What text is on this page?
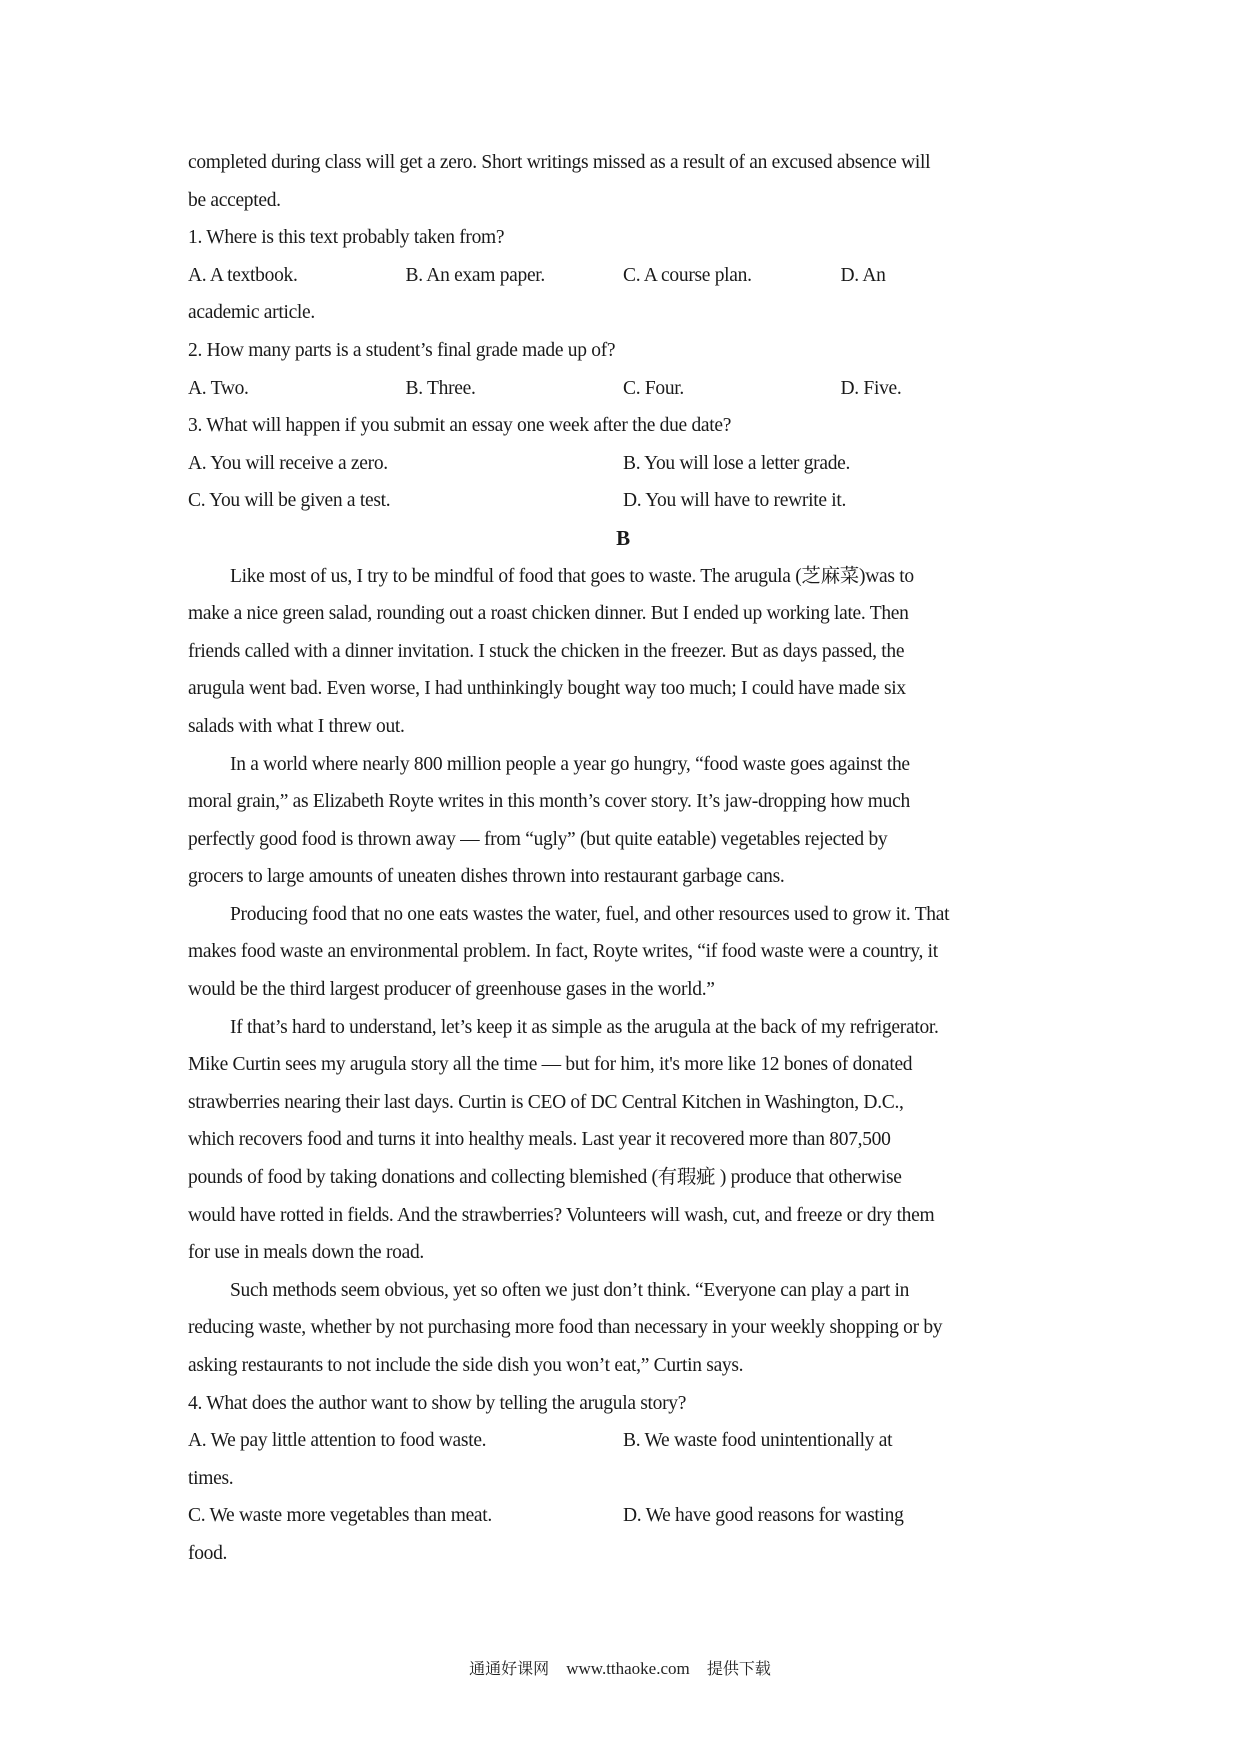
completed during class will get a zero. Short writings missed as a result of an excused absence will
be accepted.
1. Where is this text probably taken from?
A. A textbook.	B. An exam paper.	C. A course plan.	D. An
academic article.
2. How many parts is a student’s final grade made up of?
A. Two.	B. Three.	C. Four.	D. Five.
3. What will happen if you submit an essay one week after the due date?
A. You will receive a zero.	B. You will lose a letter grade.
C. You will be given a test.	D. You will have to rewrite it.
B
Like most of us, I try to be mindful of food that goes to waste. The arugula (芝麻菜)was to
make a nice green salad, rounding out a roast chicken dinner. But I ended up working late. Then
friends called with a dinner invitation. I stuck the chicken in the freezer. But as days passed, the
arugula went bad. Even worse, I had unthinkingly bought way too much; I could have made six
salads with what I threw out.
In a world where nearly 800 million people a year go hungry, “food waste goes against the
moral grain,” as Elizabeth Royte writes in this month’s cover story. It’s jaw-dropping how much
perfectly good food is thrown away — from “ugly” (but quite eatable) vegetables rejected by
grocers to large amounts of uneaten dishes thrown into restaurant garbage cans.
Producing food that no one eats wastes the water, fuel, and other resources used to grow it. That
makes food waste an environmental problem. In fact, Royte writes, “if food waste were a country, it
would be the third largest producer of greenhouse gases in the world.”
If that’s hard to understand, let’s keep it as simple as the arugula at the back of my refrigerator.
Mike Curtin sees my arugula story all the time — but for him, it's more like 12 bones of donated
strawberries nearing their last days. Curtin is CEO of DC Central Kitchen in Washington, D.C.,
which recovers food and turns it into healthy meals. Last year it recovered more than 807,500
pounds of food by taking donations and collecting blemished (有瑕疵 ) produce that otherwise
would have rotted in fields. And the strawberries? Volunteers will wash, cut, and freeze or dry them
for use in meals down the road.
Such methods seem obvious, yet so often we just don’t think. “Everyone can play a part in
reducing waste, whether by not purchasing more food than necessary in your weekly shopping or by
asking restaurants to not include the side dish you won’t eat,” Curtin says.
4. What does the author want to show by telling the arugula story?
A. We pay little attention to food waste.	B. We waste food unintentionally at
times.
C. We waste more vegetables than meat.	D. We have good reasons for wasting
food.
通通好课网 www.tthaoke.com 提供下载
